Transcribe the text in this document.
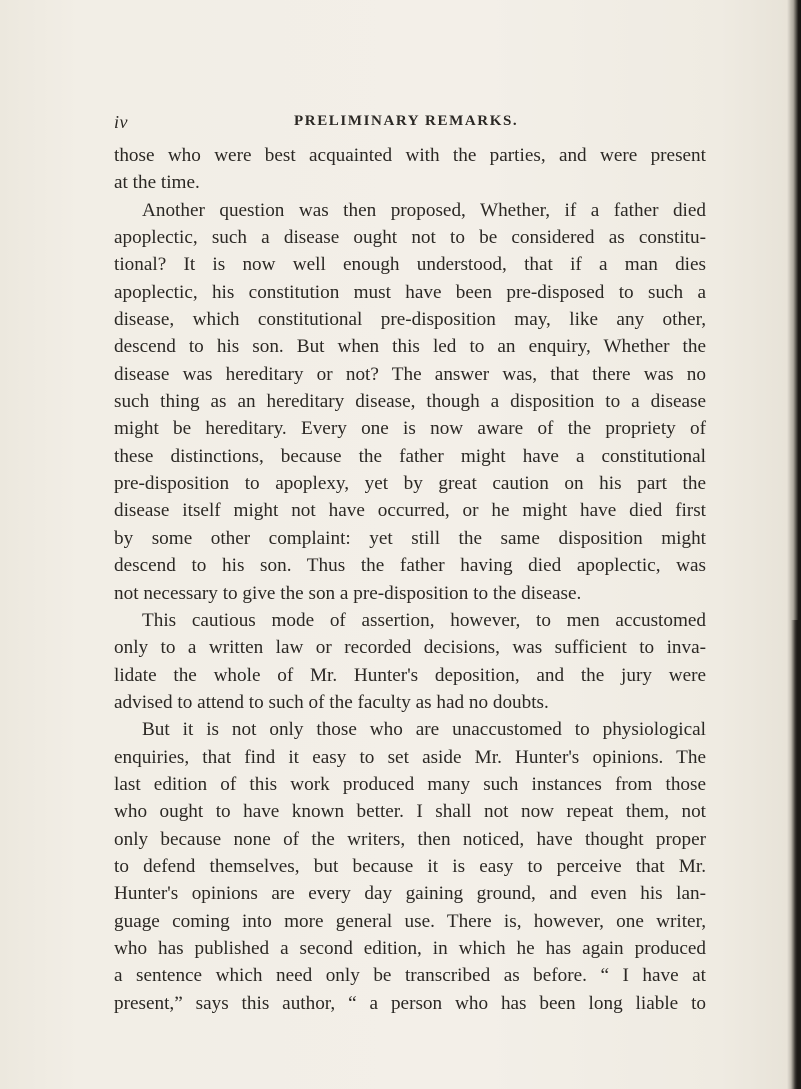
iv	PRELIMINARY REMARKS.
those who were best acquainted with the parties, and were present
at the time.
Another question was then proposed, Whether, if a father died
apoplectic, such a disease ought not to be considered as constitu-
tional? It is now well enough understood, that if a man dies
apoplectic, his constitution must have been pre-disposed to such a
disease, which constitutional pre-disposition may, like any other,
descend to his son. But when this led to an enquiry, Whether the
disease was hereditary or not? The answer was, that there was no
such thing as an hereditary disease, though a disposition to a disease
might be hereditary. Every one is now aware of the propriety of
these distinctions, because the father might have a constitutional
pre-disposition to apoplexy, yet by great caution on his part the
disease itself might not have occurred, or he might have died first
by some other complaint: yet still the same disposition might
descend to his son. Thus the father having died apoplectic, was
not necessary to give the son a pre-disposition to the disease.
This cautious mode of assertion, however, to men accustomed
only to a written law or recorded decisions, was sufficient to inva-
lidate the whole of Mr. Hunter's deposition, and the jury were
advised to attend to such of the faculty as had no doubts.
But it is not only those who are unaccustomed to physiological
enquiries, that find it easy to set aside Mr. Hunter's opinions. The
last edition of this work produced many such instances from those
who ought to have known better. I shall not now repeat them, not
only because none of the writers, then noticed, have thought proper
to defend themselves, but because it is easy to perceive that Mr.
Hunter's opinions are every day gaining ground, and even his lan-
guage coming into more general use. There is, however, one writer,
who has published a second edition, in which he has again produced
a sentence which need only be transcribed as before. “ I have at
present,” says this author, “ a person who has been long liable to
